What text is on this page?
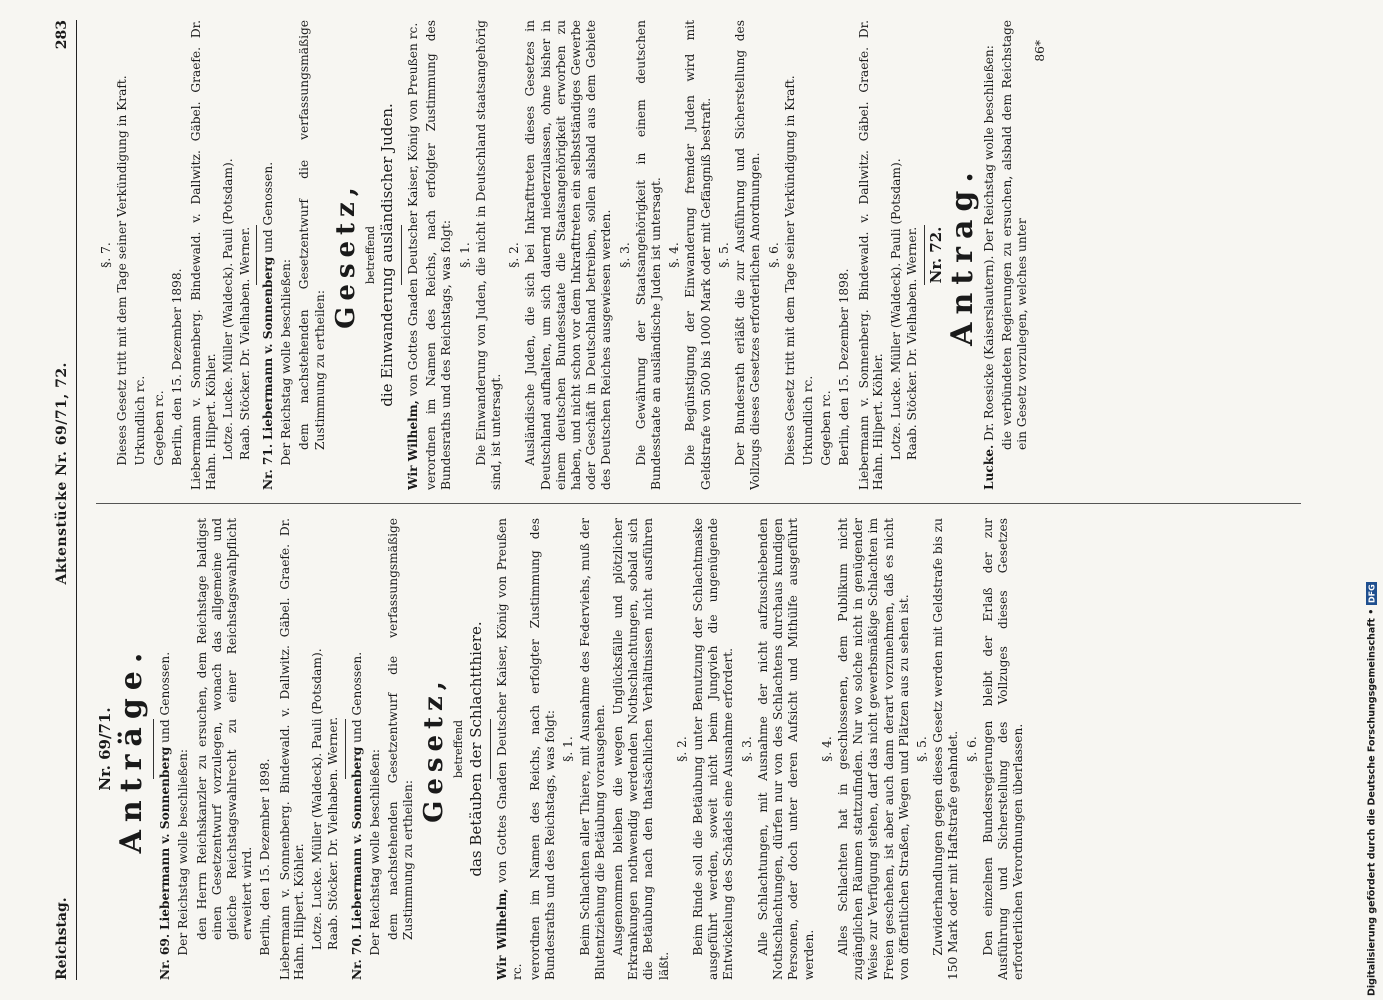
Reichstag.
Aktenstücke Nr. 69/71, 72.
283

Nr. 69/71. Anträge.

Nr. 69. Liebermann v. Sonnenberg und Genossen.

Der Reichstag wolle beschließen: den Herrn Reichskanzler zu ersuchen, dem Reichstage baldigst einen Gesetzentwurf vorzulegen, wonach das allgemeine und gleiche Reichstagswahlrecht zu einer Reichstagswahlpflicht erweitert wird. Berlin, den 15. Dezember 1898. Liebermann v. Sonnenberg. Bindewald. v. Dallwitz. Gäbel. Graefe. Dr. Hahn. Hilpert. Köhler. Lotze. Lucke. Müller (Waldeck). Pauli (Potsdam). Raab. Stöcker. Dr. Vielhaben. Werner.

Nr. 70. Liebermann v. Sonnenberg und Genossen.

Der Reichstag wolle beschließen: dem nachstehenden Gesetzentwurf die verfassungsmäßige Zustimmung zu ertheilen:

Gesetz, betreffend das Betäuben der Schlachtthiere.

Wir Wilhelm, von Gottes Gnaden Deutscher Kaiser, König von Preußen rc. verordnen im Namen des Reichs, nach erfolgter Zustimmung des Bundesraths und des Reichstags, was folgt: §. 1. Beim Schlachten aller Thiere, mit Ausnahme des Federviehs, muß der Blutentziehung die Betäubung vorausgehen. Ausgenommen bleiben die wegen Unglücksfälle und plötzlicher Erkrankungen nothwendig werdenden Nothschlachtungen, sobald sich die Betäubung nach den thatsächlichen Verhältnissen nicht ausführen läßt.

§. 2. Beim Rinde soll die Betäubung unter Benutzung der Schlachtmaske ausgeführt werden, soweit nicht beim Jungvieh die ungenügende Entwickelung des Schädels eine Ausnahme erfordert. §. 3. Alle Schlachtungen, mit Ausnahme der nicht aufzuschiebenden Nothschlachtungen, dürfen nur von des Schlachtens durchaus kundigen Personen, oder doch unter deren Aufsicht und Mithülfe ausgeführt werden.

§. 4. Alles Schlachten hat in geschlossenen, dem Publikum nicht zugänglichen Räumen stattzufinden. Nur wo solche nicht in genügender Weise zur Verfügung stehen, darf das nicht gewerbsmäßige Schlachten im Freien geschehen, ist aber auch dann derart vorzunehmen, daß es nicht von öffentlichen Straßen, Wegen und Plätzen aus zu sehen ist. §. 5. Zuwiderhandlungen gegen dieses Gesetz werden mit Geldstrafe bis zu 150 Mark oder mit Haftstrafe geahndet. §. 6. Den einzelnen Bundesregierungen bleibt der Erlaß der zur Ausführung und Sicherstellung des Vollzuges dieses Gesetzes erforderlichen Verordnungen überlassen.

§. 7. Dieses Gesetz tritt mit dem Tage seiner Verkündigung in Kraft. Urkundlich rc. Gegeben rc. Berlin, den 15. Dezember 1898. Liebermann v. Sonnenberg. Bindewald. v. Dallwitz. Gäbel. Graefe. Dr. Hahn. Hilpert. Köhler. Lotze. Lucke. Müller (Waldeck). Pauli (Potsdam). Raab. Stöcker. Dr. Vielhaben. Werner.

Nr. 71. Liebermann v. Sonnenberg und Genossen.

Der Reichstag wolle beschließen: dem nachstehenden Gesetzentwurf die verfassungsmäßige Zustimmung zu ertheilen:

Gesetz, betreffend die Einwanderung ausländischer Juden.

Wir Wilhelm, von Gottes Gnaden Deutscher Kaiser, König von Preußen rc. verordnen im Namen des Reichs, nach erfolgter Zustimmung des Bundesraths und des Reichstags, was folgt: §. 1. Die Einwanderung von Juden, die nicht in Deutschland staatsangehörig sind, ist untersagt.

§. 2. Ausländische Juden, die sich bei Inkrafttreten dieses Gesetzes in Deutschland aufhalten, um sich dauernd niederzulassen, ohne bisher in einem deutschen Bundesstaate die Staatsangehörigkeit erworben zu haben, und nicht schon vor dem Inkrafttreten ein selbstständiges Gewerbe oder Geschäft in Deutschland betreiben, sollen alsbald aus dem Gebiete des Deutschen Reiches ausgewiesen werden. §. 3. Die Gewährung der Staatsangehörigkeit in einem deutschen Bundesstaate an ausländische Juden ist untersagt. §. 4. Die Begünstigung der Einwanderung fremder Juden wird mit Geldstrafe von 500 bis 1000 Mark oder mit Gefängniß bestraft. §. 5. Der Bundesrath erläßt die zur Ausführung und Sicherstellung des Vollzugs dieses Gesetzes erforderlichen Anordnungen. §. 6. Dieses Gesetz tritt mit dem Tage seiner Verkündigung in Kraft. Urkundlich rc. Gegeben rc. Berlin, den 15. Dezember 1898. Liebermann v. Sonnenberg. Bindewald. v. Dallwitz. Gäbel. Graefe. Dr. Hahn. Hilpert. Köhler. Lotze. Lucke. Müller (Waldeck). Pauli (Potsdam). Raab. Stöcker. Dr. Vielhaben. Werner. Nr. 72. Antrag.

Lucke. Dr. Roesicke (Kaiserslautern). Der Reichstag wolle beschließen: die verbündeten Regierungen zu ersuchen, alsbald dem Reichstage ein Gesetz vorzulegen, welches unter

86*

Digitalisierung gefördert durch die Deutsche Forschungsgemeinschaft •
DFG
